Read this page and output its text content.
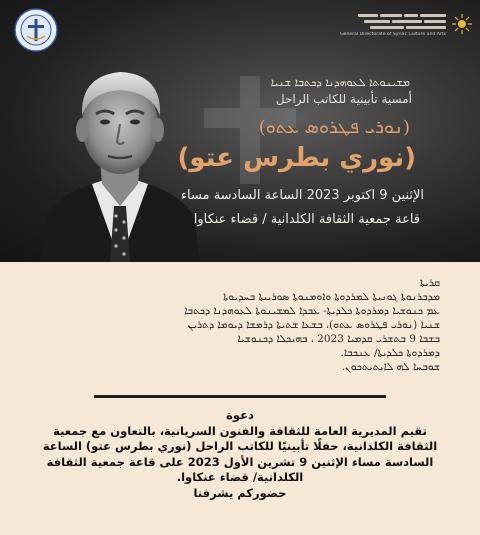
General Directorate of Syriac Culture and Arts
ܡܫܝܢܘܬܐ ܠܥܘܗܕܢܐ ܕܟܬܒܐ ܫܢܝܐ
أمسية تأبينية للكاتب الراحل
(ܢܘܪܝ ܦܛܪܘܣ ܥܬܘ)
(نوري بطرس عتو)
الإثنين 9 اكتوبر 2023 الساعة السادسة مساء
قاعة جمعية الثقافة الكلدانية / قضاء عنكاوا
ܩܪܝܬܐ
ܡܕܒܪܢܘܬܐ ܓܘܢܝܬܐ ܠܡܪܕܘܬܐ ܘܐܘܡܢܘܬܐ ܣܘܪܝܝܬܐ ܒܚܕܝܘܬܐ
ܥܡ ܟܢܘܫܝܐ ܕܡܪܕܘܬܐ ܟܠܕܝܬܐ- ܥܒܕܐ ܠܡܫܝܢܘܬܐ ܠܥܘܗܕܢܐ ܕܟܬܒܐ
ܫܢܝܐ (ܢܘܪܝ ܦܛܪܘܣ ܥܬܘ)، ܒܫܥܐ ܫܬܝܬܐ ܕܪܡܫܐ ܕܝܘܡܐ ܕܬܪܝܢ
ܒܫܒܐ 9 ܒܬܫܪܝ ܩܕܡܝܐ 2023 ، ܒܗܝܟܠܐ ܕܟܢܘܫܝܐ
ܕܡܪܕܘܬܐ ܟܠܕܝܬܐ/ ܥܢܟܒܐ.
ܫܘܒܚܐ ܠܗ ܠܐܝܬܝܬܟܘܢ.
دعوة
تقيم المديرية العامة للثقافة والفنون السريانية، بالتعاون مع جمعية
الثقافة الكلدانية، حفلًا تأبينيًا للكاتب الراحل (نوري بطرس عتو) الساعة
السادسة مساء الإثنين 9 تشرين الأول 2023 على قاعة جمعية الثقافة
الكلدانية/ قضاء عنكاوا.
حضوركم يشرفنا
